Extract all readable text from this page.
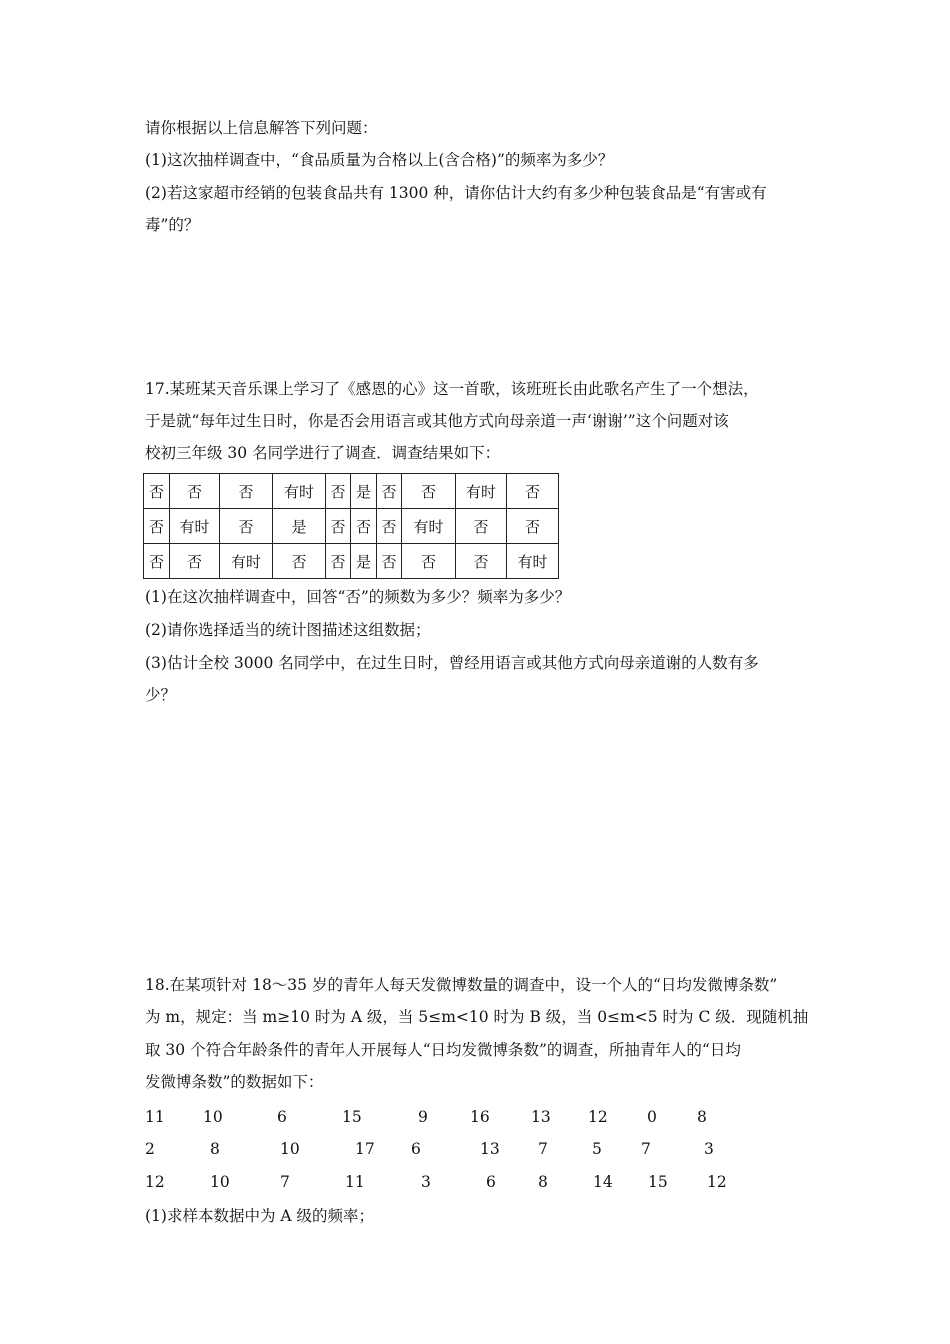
请你根据以上信息解答下列问题：
(1)这次抽样调查中，“食品质量为合格以上(含合格)”的频率为多少？
(2)若这家超市经销的包装食品共有 1300 种，请你估计大约有多少种包装食品是“有害或有
毒”的？
17.某班某天音乐课上学习了《感恩的心》这一首歌，该班班长由此歌名产生了一个想法，
于是就“每年过生日时，你是否会用语言或其他方式向母亲道一声‘谢谢’”这个问题对该
校初三年级 30 名同学进行了调查．调查结果如下：
否	否	否	有时	否	是	否	否	有时	否
否	有时	否	是	否	否	否	有时	否	否
否	否	有时	否	否	是	否	否	否	有时
(1)在这次抽样调查中，回答“否”的频数为多少？频率为多少？
(2)请你选择适当的统计图描述这组数据；
(3)估计全校 3000 名同学中，在过生日时，曾经用语言或其他方式向母亲道谢的人数有多
少？
18.在某项针对 18～35 岁的青年人每天发微博数量的调查中，设一个人的“日均发微博条数”
为 m，规定：当 m≥10 时为 A 级，当 5≤m<10 时为 B 级，当 0≤m<5 时为 C 级．现随机抽
取 30 个符合年龄条件的青年人开展每人“日均发微博条数”的调查，所抽青年人的“日均
发微博条数”的数据如下：
11 10	6	15	9	16	13 12	0	8
2	8	10	17 6	13 7	5	7	3
12	10	7	11	3	6	8	14 15	12
(1)求样本数据中为 A 级的频率；
